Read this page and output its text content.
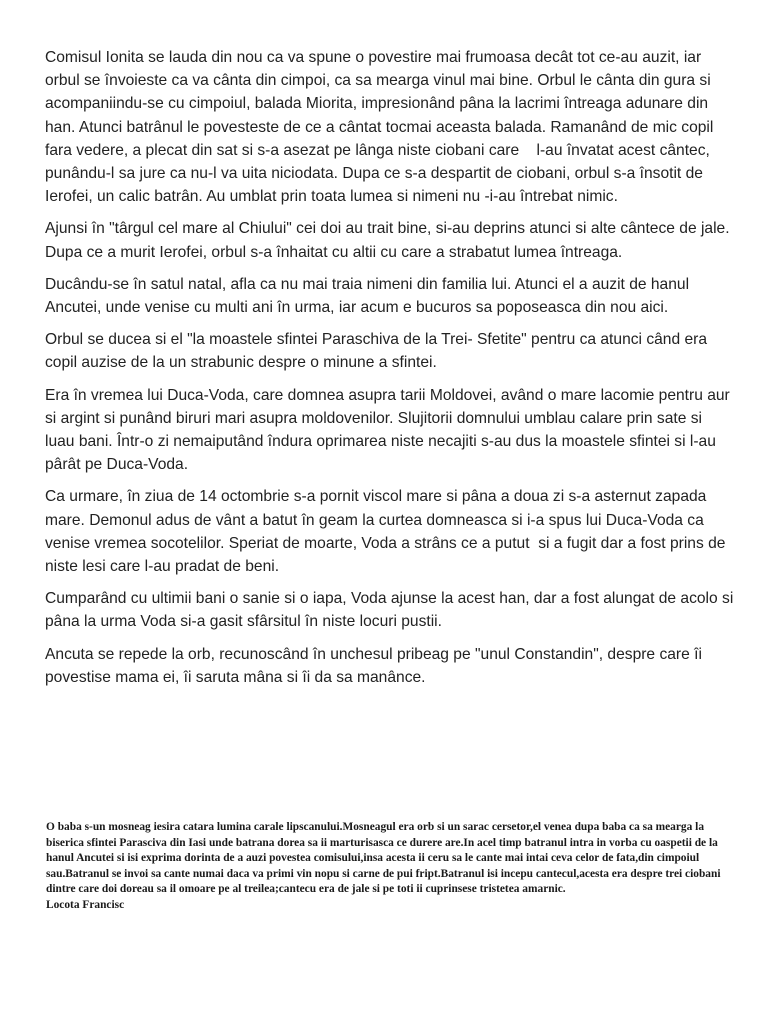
Comisul Ionita se lauda din nou ca va spune o povestire mai frumoasa decât tot ce-au auzit, iar orbul se învoieste ca va cânta din cimpoi, ca sa mearga vinul mai bine. Orbul le cânta din gura si acompaniindu-se cu cimpoiul, balada Miorita, impresionând pâna la lacrimi întreaga adunare din han. Atunci batrânul le povesteste de ce a cântat tocmai aceasta balada. Ramanând de mic copil fara vedere, a plecat din sat si s-a asezat pe lânga niste ciobani care    l-au învatat acest cântec, punându-l sa jure ca nu-l va uita niciodata. Dupa ce s-a despartit de ciobani, orbul s-a însotit de Ierofei, un calic batrân. Au umblat prin toata lumea si nimeni nu -i-au întrebat nimic.

Ajunsi în "târgul cel mare al Chiului" cei doi au trait bine, si-au deprins atunci si alte cântece de jale. Dupa ce a murit Ierofei, orbul s-a înhaitat cu altii cu care a strabatut lumea întreaga.

Ducându-se în satul natal, afla ca nu mai traia nimeni din familia lui. Atunci el a auzit de hanul Ancutei, unde venise cu multi ani în urma, iar acum e bucuros sa poposeasca din nou aici.

Orbul se ducea si el "la moastele sfintei Paraschiva de la Trei- Sfetite" pentru ca atunci când era copil auzise de la un strabunic despre o minune a sfintei.

Era în vremea lui Duca-Voda, care domnea asupra tarii Moldovei, având o mare lacomie pentru aur si argint si punând biruri mari asupra moldovenilor. Slujitorii domnului umblau calare prin sate si luau bani. Într-o zi nemaiputând îndura oprimarea niste necajiti s-au dus la moastele sfintei si l-au pârât pe Duca-Voda.

Ca urmare, în ziua de 14 octombrie s-a pornit viscol mare si pâna a doua zi s-a asternut zapada mare. Demonul adus de vânt a batut în geam la curtea domneasca si i-a spus lui Duca-Voda ca venise vremea socotelilor. Speriat de moarte, Voda a strâns ce a putut  si a fugit dar a fost prins de niste lesi care l-au pradat de beni.

Cumparând cu ultimii bani o sanie si o iapa, Voda ajunse la acest han, dar a fost alungat de acolo si pâna la urma Voda si-a gasit sfârsitul în niste locuri pustii.

Ancuta se repede la orb, recunoscând în unchesul pribeag pe "unul Constandin", despre care îi povestise mama ei, îi saruta mâna si îi da sa manânce.

O baba s-un mosneag iesira catara lumina carale lipscanului.Mosneagul era orb si un sarac cersetor,el venea dupa baba ca sa mearga la biserica sfintei Parasciva din Iasi unde batrana dorea sa ii marturisasca ce durere are.In acel timp batranul intra in vorba cu oaspetii de la hanul Ancutei si isi exprima dorinta de a auzi povestea comisului,insa acesta ii ceru sa le cante mai intai ceva celor de fata,din cimpoiul sau.Batranul se invoi sa cante numai daca va primi vin nopu si carne de pui fript.Batranul isi incepu cantecul,acesta era despre trei ciobani dintre care doi doreau sa il omoare pe al treilea;cantecu era de jale si pe toti ii cuprinsese tristetea amarnic.

Locota Francisc
